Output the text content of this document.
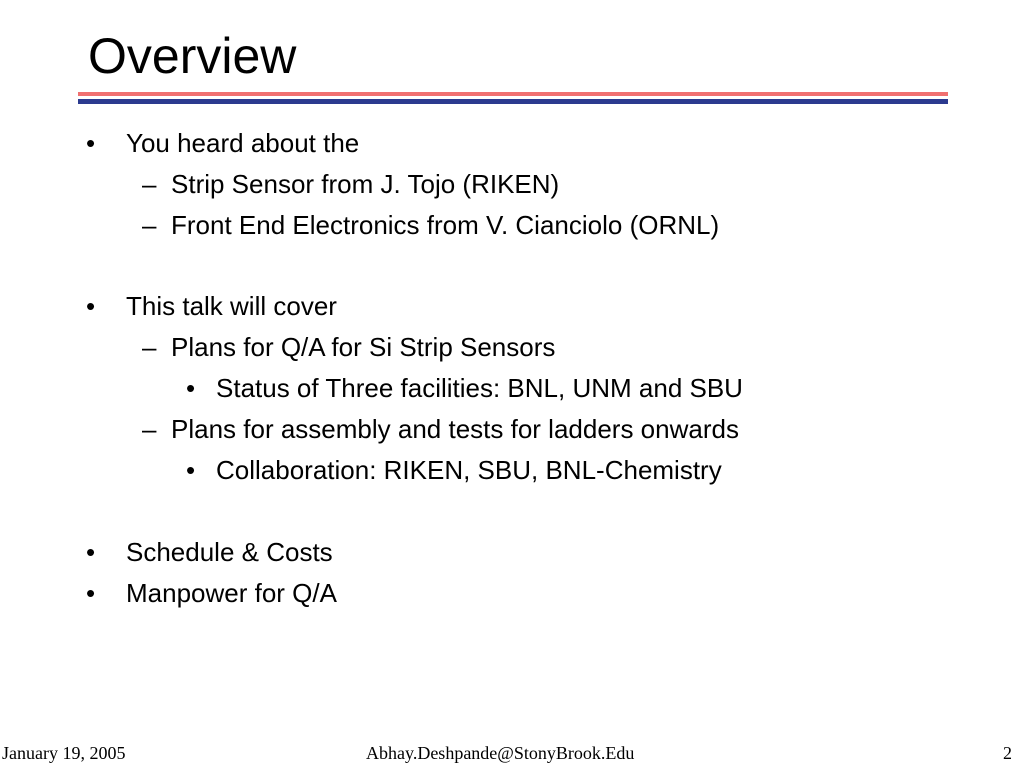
Overview
• You heard about the
– Strip Sensor from J. Tojo (RIKEN)
– Front End Electronics from V. Cianciolo (ORNL)
• This talk will cover
– Plans for Q/A for Si Strip Sensors
• Status of Three facilities: BNL, UNM and SBU
– Plans for assembly and tests for ladders onwards
• Collaboration: RIKEN, SBU, BNL-Chemistry
• Schedule & Costs
• Manpower for Q/A
January 19, 2005	Abhay.Deshpande@StonyBrook.Edu	2
